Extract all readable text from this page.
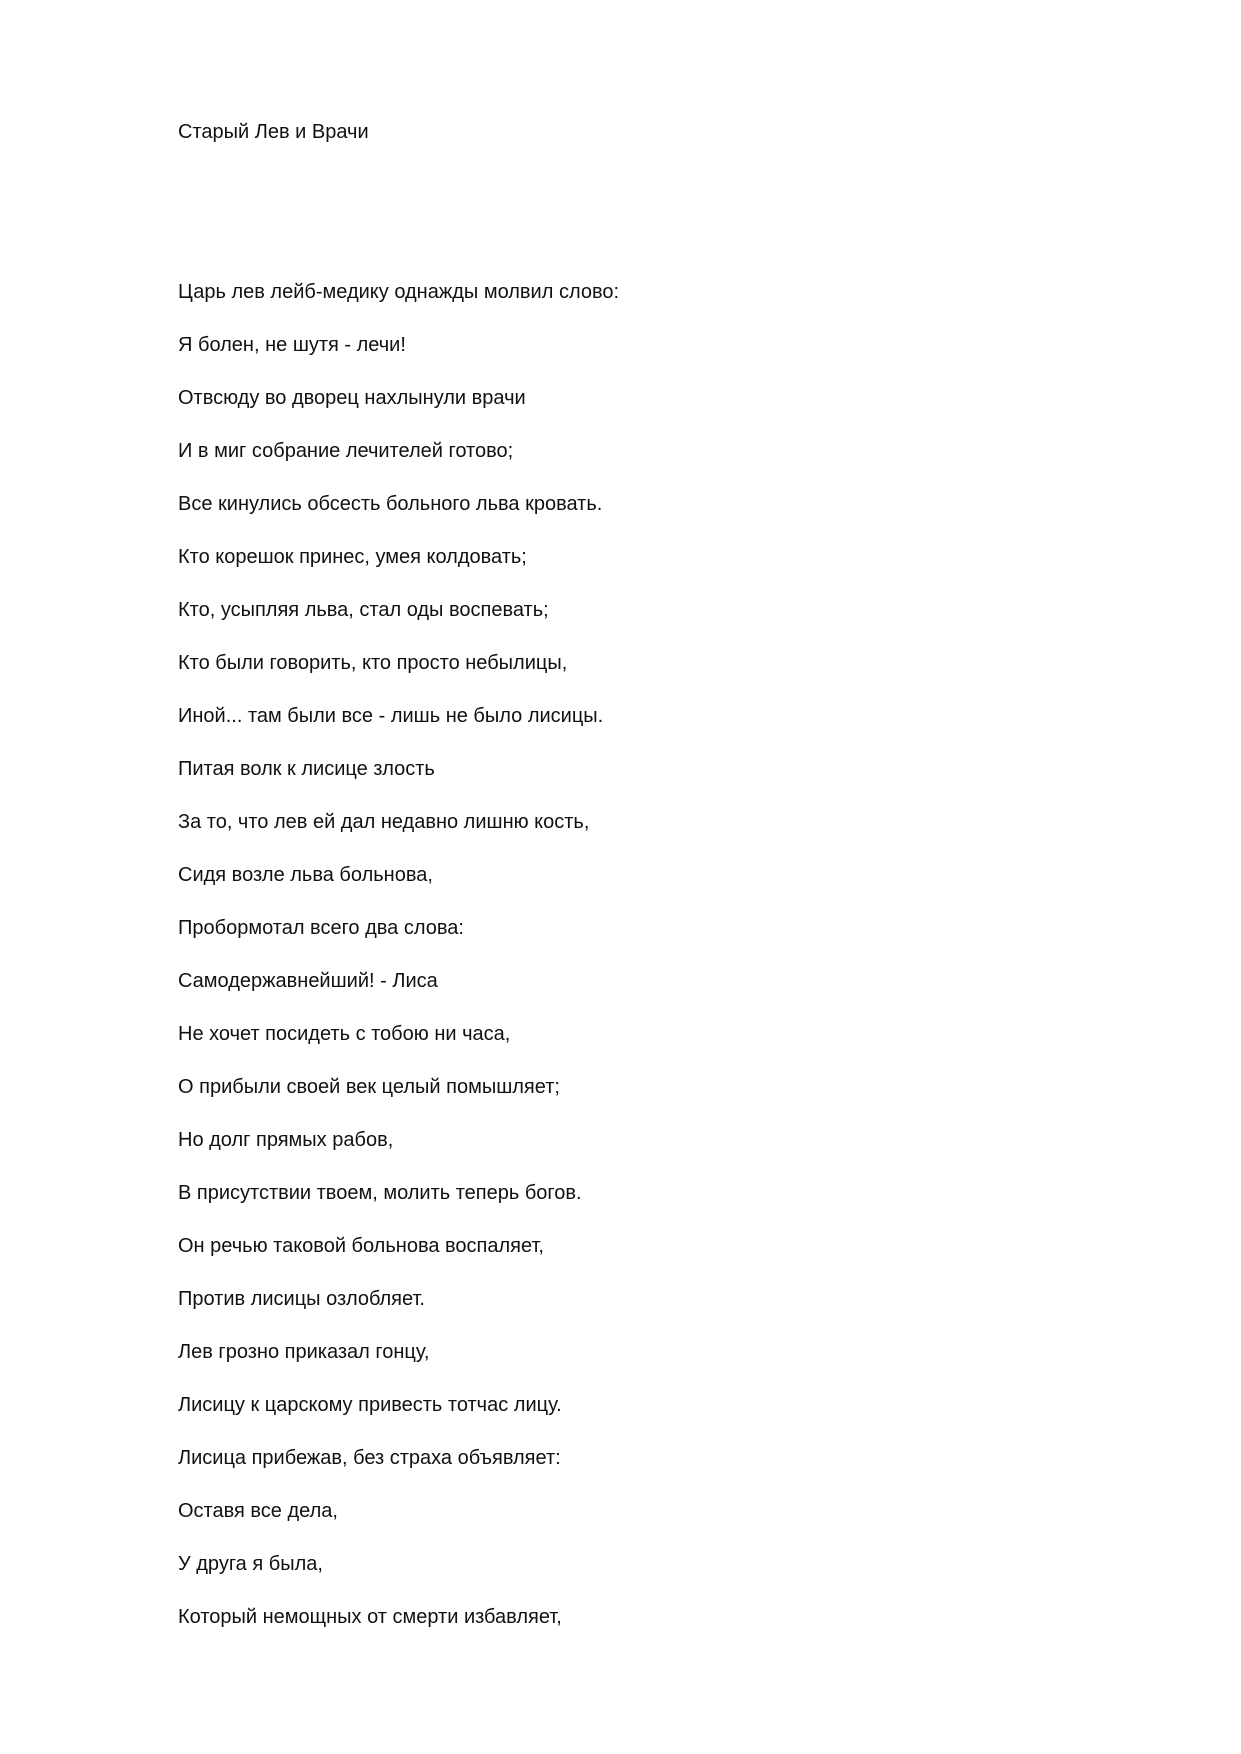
Старый Лев и Врачи
Царь лев лейб-медику однажды молвил слово:
Я болен, не шутя - лечи!
Отвсюду во дворец нахлынули врачи
И в миг собрание лечителей готово;
Все кинулись обсесть больного льва кровать.
Кто корешок принес, умея колдовать;
Кто, усыпляя льва, стал оды воспевать;
Кто были говорить, кто просто небылицы,
Иной... там были все - лишь не было лисицы.
Питая волк к лисице злость
За то, что лев ей дал недавно лишню кость,
Сидя возле льва больнова,
Пробормотал всего два слова:
Самодержавнейший! - Лиса
Не хочет посидеть с тобою ни часа,
О прибыли своей век целый помышляет;
Но долг прямых рабов,
В присутствии твоем, молить теперь богов.
Он речью таковой больнова воспаляет,
Против лисицы озлобляет.
Лев грозно приказал гонцу,
Лисицу к царскому привесть тотчас лицу.
Лисица прибежав, без страха объявляет:
Оставя все дела,
У друга я была,
Который немощных от смерти избавляет,
